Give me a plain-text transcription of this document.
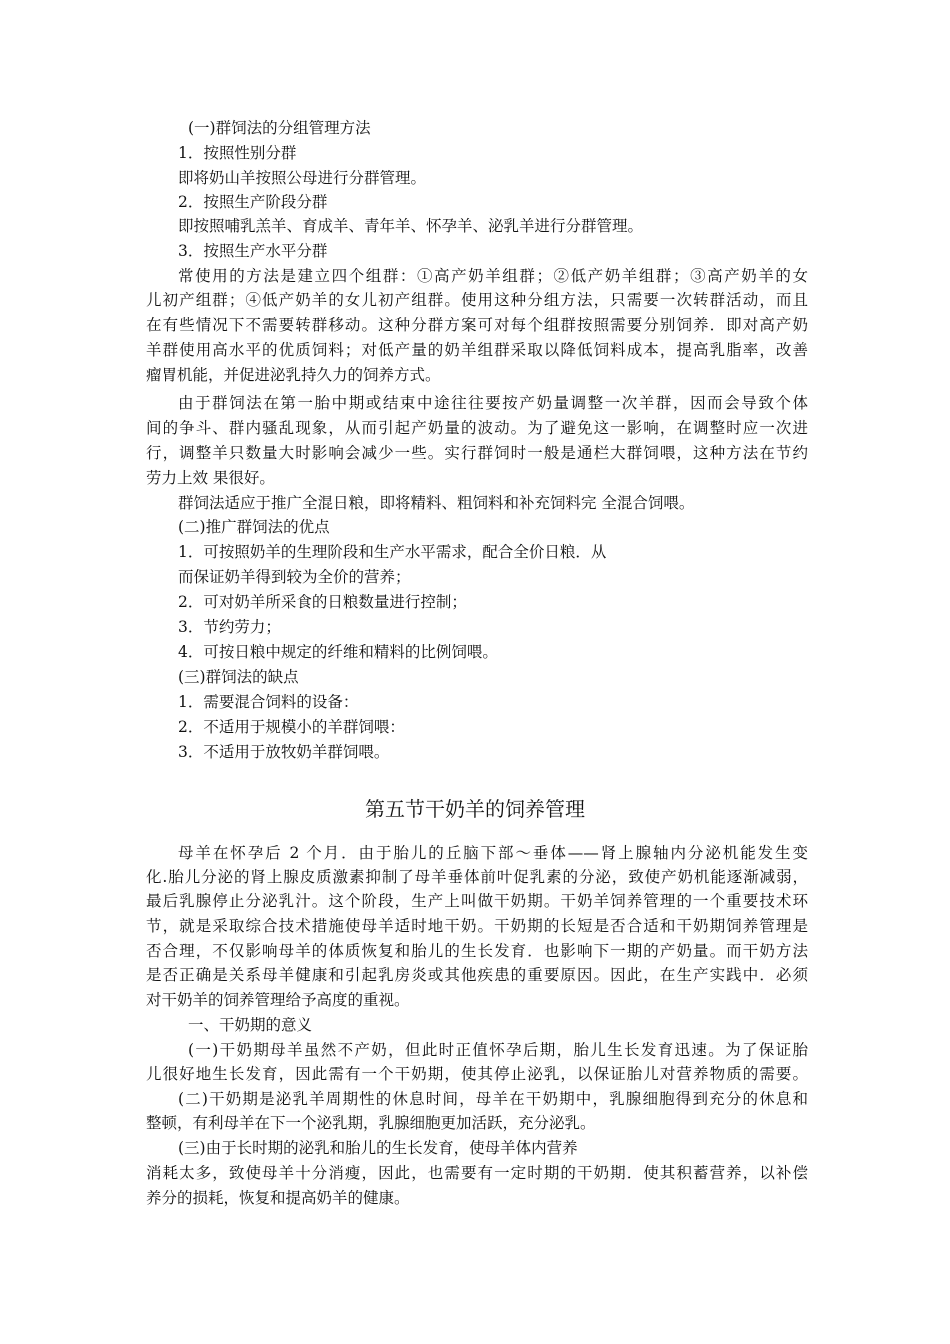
(一)群饲法的分组管理方法
1．按照性别分群
即将奶山羊按照公母进行分群管理。
2．按照生产阶段分群
即按照哺乳羔羊、育成羊、青年羊、怀孕羊、泌乳羊进行分群管理。
3．按照生产水平分群
常使用的方法是建立四个组群：①高产奶羊组群；②低产奶羊组群；③高产奶羊的女
儿初产组群；④低产奶羊的女儿初产组群。使用这种分组方法，只需要一次转群活动，而且
在有些情况下不需要转群移动。这种分群方案可对每个组群按照需要分别饲养．即对高产奶
羊群使用高水平的优质饲料；对低产量的奶羊组群采取以降低饲料成本，提高乳脂率，改善
瘤胃机能，并促进泌乳持久力的饲养方式。
由于群饲法在第一胎中期或结束中途往往要按产奶量调整一次羊群，因而会导致个体
间的争斗、群内骚乱现象，从而引起产奶量的波动。为了避免这一影响，在调整时应一次进
行，调整羊只数量大时影响会减少一些。实行群饲时一般是通栏大群饲喂，这种方法在节约
劳力上效 果很好。
群饲法适应于推广全混日粮，即将精料、粗饲料和补充饲料完 全混合饲喂。
(二)推广群饲法的优点
1．可按照奶羊的生理阶段和生产水平需求，配合全价日粮．从
而保证奶羊得到较为全价的营养；
2．可对奶羊所采食的日粮数量进行控制；
3．节约劳力；
4．可按日粮中规定的纤维和精料的比例饲喂。
(三)群饲法的缺点
1．需要混合饲料的设备：
2．不适用于规模小的羊群饲喂：
3．不适用于放牧奶羊群饲喂。
第五节干奶羊的饲养管理
母羊在怀孕后 2 个月．由于胎儿的丘脑下部～垂体——肾上腺轴内分泌机能发生变
化.胎儿分泌的肾上腺皮质激素抑制了母羊垂体前叶促乳素的分泌，致使产奶机能逐渐减弱，
最后乳腺停止分泌乳汁。这个阶段，生产上叫做干奶期。干奶羊饲养管理的一个重要技术环
节，就是采取综合技术措施使母羊适时地干奶。干奶期的长短是否合适和干奶期饲养管理是
否合理，不仅影响母羊的体质恢复和胎儿的生长发育．也影响下一期的产奶量。而干奶方法
是否正确是关系母羊健康和引起乳房炎或其他疾患的重要原因。因此，在生产实践中．必须
对干奶羊的饲养管理给予高度的重视。
一、干奶期的意义
(一)干奶期母羊虽然不产奶，但此时正值怀孕后期，胎儿生长发育迅速。为了保证胎
儿很好地生长发育，因此需有一个干奶期，使其停止泌乳，以保证胎儿对营养物质的需要。
(二)干奶期是泌乳羊周期性的休息时间，母羊在干奶期中，乳腺细胞得到充分的休息和
整顿，有利母羊在下一个泌乳期，乳腺细胞更加活跃，充分泌乳。
(三)由于长时期的泌乳和胎儿的生长发育，使母羊体内营养
消耗太多，致使母羊十分消瘦，因此，也需要有一定时期的干奶期．使其积蓄营养，以补偿
养分的损耗，恢复和提高奶羊的健康。
